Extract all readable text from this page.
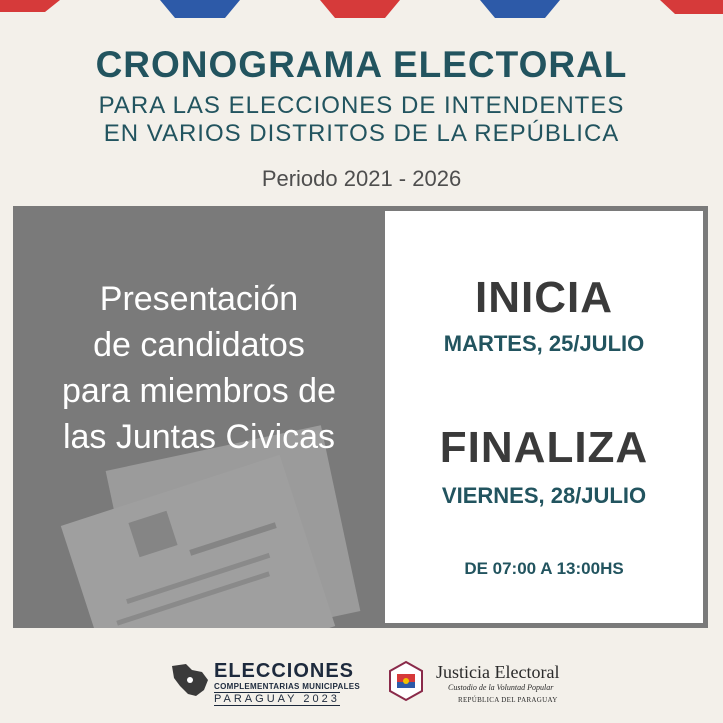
CRONOGRAMA ELECTORAL
PARA LAS ELECCIONES DE INTENDENTES
EN VARIOS DISTRITOS DE LA REPÚBLICA
Periodo 2021 - 2026
Presentación
de candidatos
para miembros de
las Juntas Civicas
INICIA
MARTES, 25/JULIO
FINALIZA
VIERNES, 28/JULIO
DE 07:00 A 13:00HS
ELECCIONES
COMPLEMENTARIAS MUNICIPALES
PARAGUAY 2023
Justicia Electoral
Custodio de la Voluntad Popular
REPÚBLICA DEL PARAGUAY
